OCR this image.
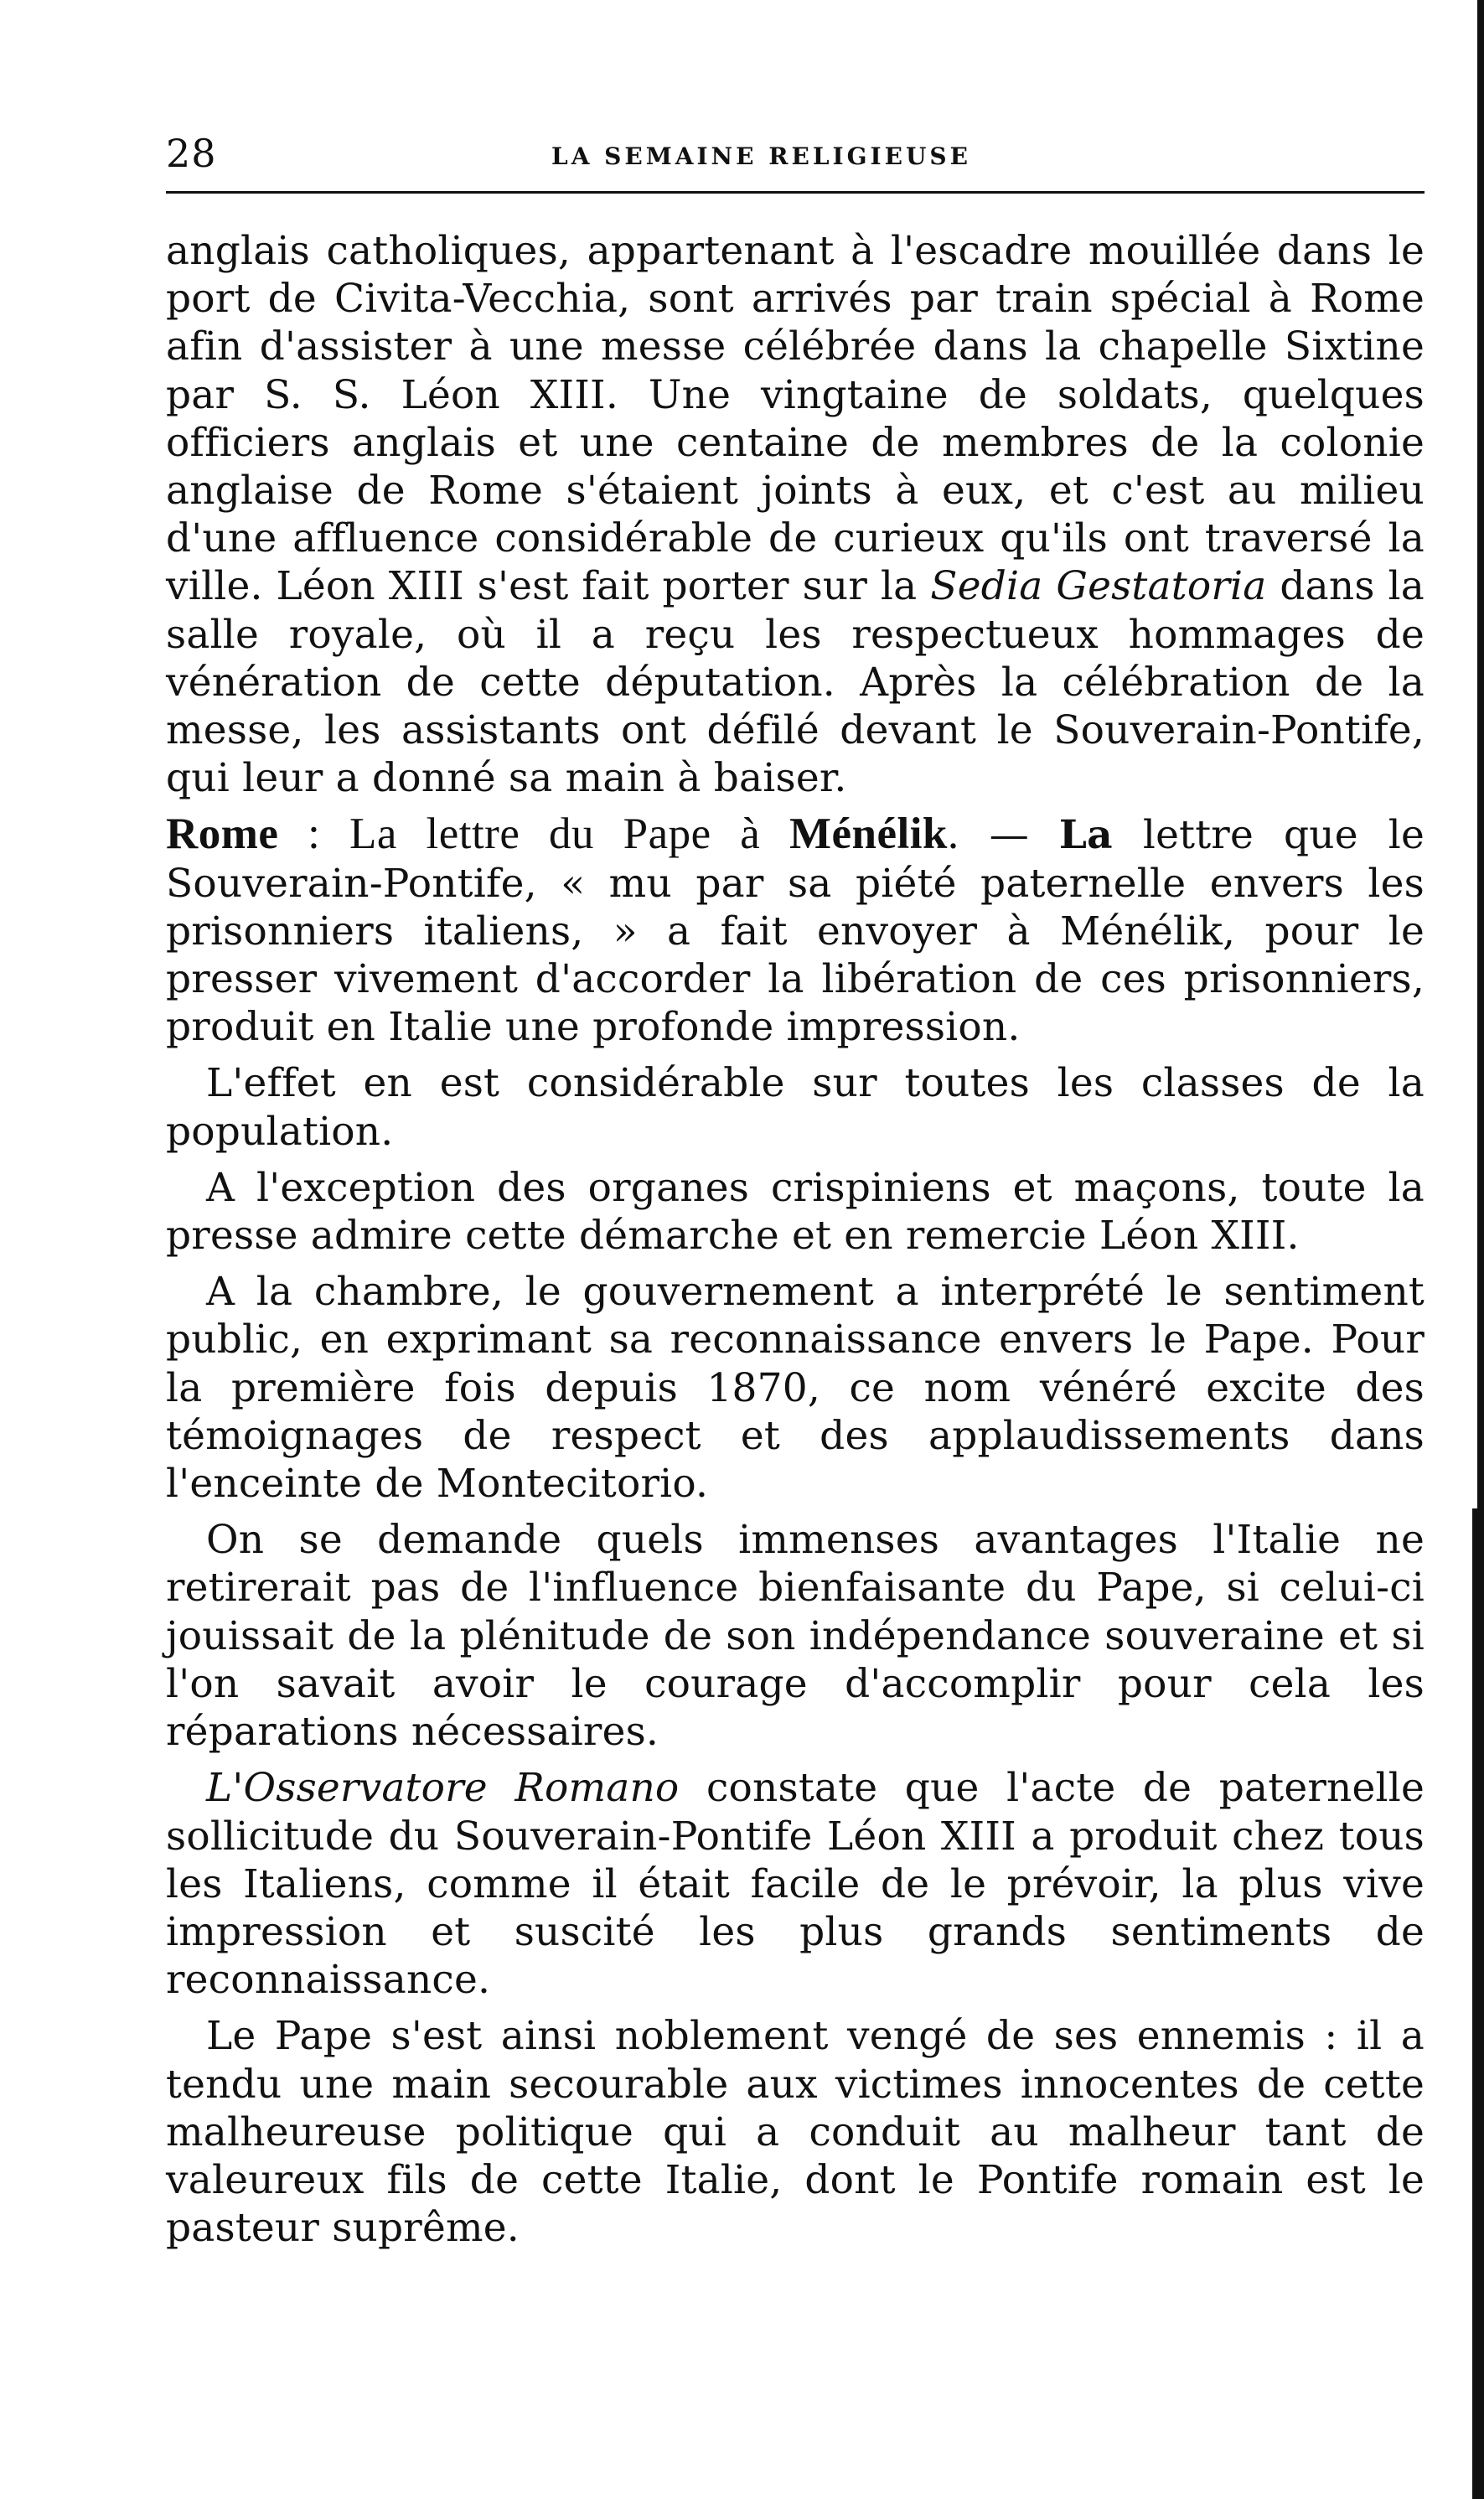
28	LA SEMAINE RELIGIEUSE

anglais catholiques, appartenant à l'escadre mouillée dans le port de Civita-Vecchia, sont arrivés par train spécial à Rome afin d'assister à une messe célébrée dans la chapelle Sixtine par S. S. Léon XIII. Une vingtaine de soldats, quelques officiers anglais et une centaine de membres de la colonie anglaise de Rome s'étaient joints à eux, et c'est au milieu d'une affluence considérable de curieux qu'ils ont traversé la ville. Léon XIII s'est fait porter sur la Sedia Gestatoria dans la salle royale, où il a reçu les respectueux hommages de vénération de cette députation. Après la célébration de la messe, les assistants ont défilé devant le Souverain-Pontife, qui leur a donné sa main à baiser.

Rome : La lettre du Pape à Ménélik. — La lettre que le Souverain-Pontife, « mu par sa piété paternelle envers les prisonniers italiens, » a fait envoyer à Ménélik, pour le presser vivement d'accorder la libération de ces prisonniers, produit en Italie une profonde impression.

L'effet en est considérable sur toutes les classes de la population.

A l'exception des organes crispiniens et maçons, toute la presse admire cette démarche et en remercie Léon XIII.

A la chambre, le gouvernement a interprété le sentiment public, en exprimant sa reconnaissance envers le Pape. Pour la première fois depuis 1870, ce nom vénéré excite des témoignages de respect et des applaudissements dans l'enceinte de Montecitorio.

On se demande quels immenses avantages l'Italie ne retirerait pas de l'influence bienfaisante du Pape, si celui-ci jouissait de la plénitude de son indépendance souveraine et si l'on savait avoir le courage d'accomplir pour cela les réparations nécessaires.

L'Osservatore Romano constate que l'acte de paternelle sollicitude du Souverain-Pontife Léon XIII a produit chez tous les Italiens, comme il était facile de le prévoir, la plus vive impression et suscité les plus grands sentiments de reconnaissance.

Le Pape s'est ainsi noblement vengé de ses ennemis : il a tendu une main secourable aux victimes innocentes de cette malheureuse politique qui a conduit au malheur tant de valeureux fils de cette Italie, dont le Pontife romain est le pasteur suprême.
